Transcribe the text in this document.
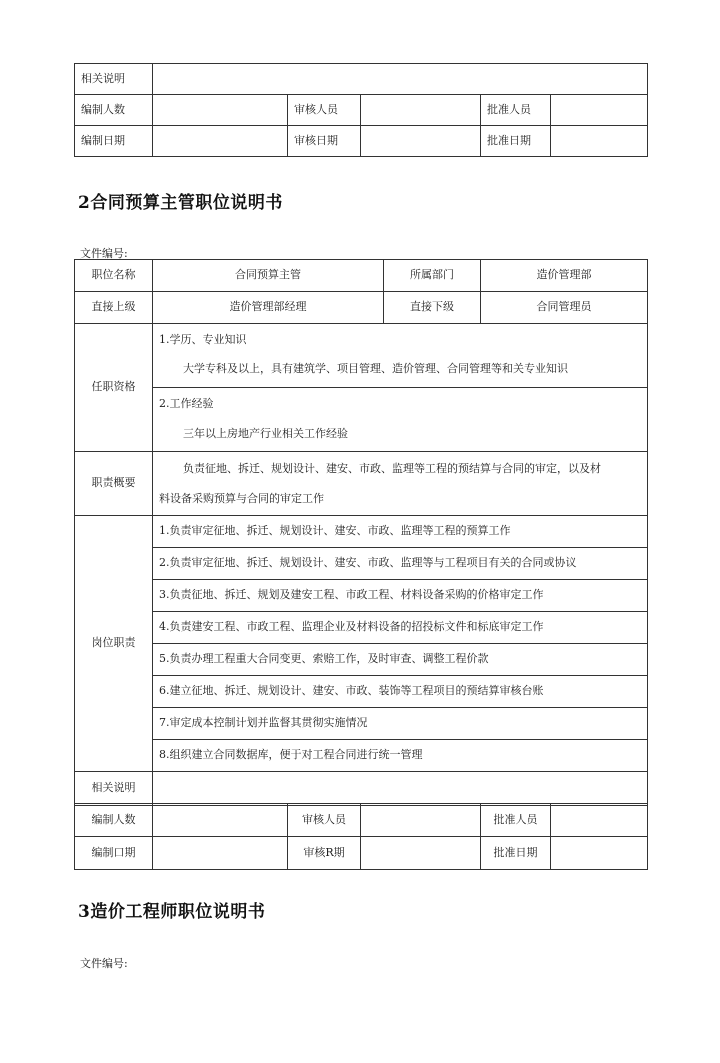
相关说明					
编制人数		审核人员		批准人员	
编制日期		审核日期		批准日期	
2合同预算主管职位说明书
文件编号:
职位名称	合同预算主管	所属部门	造价管理部
直接上级	造价管理部经理	直接下级	合同管理员
任职资格	1.学历、专业知识
大学专科及以上，具有建筑学、项目管理、造价管理、合同管理等和关专业知识		

	2.工作经验
三年以上房地产行业相关工作经验		

职责概要	负责征地、拆迁、规划设计、建安、市政、监理等工程的预结算与合同的审定，以及材
料设备采购预算与合同的审定工作		

岗位职责	1.负责审定征地、拆迁、规划设计、建安、市政、监理等工程的预算工作		
	2.负责审定征地、拆迁、规划设计、建安、市政、监理等与工程项目有关的合同或协议		
	3.负责征地、拆迁、规划及建安工程、市政工程、材料设备采购的价格审定工作		
	4.负责建安工程、市政工程、监理企业及材料设备的招投标文件和标底审定工作		
	5.负责办理工程重大合同变更、索赔工作，及时审查、调整工程价款		
	6.建立征地、拆迁、规划设计、建安、市政、装饰等工程项目的预结算审核台账		
	7.审定成本控制计划并监督其贯彻实施情况		
	8.组织建立合同数据库，便于对工程合同进行统一管理		
相关说明			
编制人数		审核人员		批准人员	
编制口期		审核R期		批准日期	
3造价工程师职位说明书
文件编号:
